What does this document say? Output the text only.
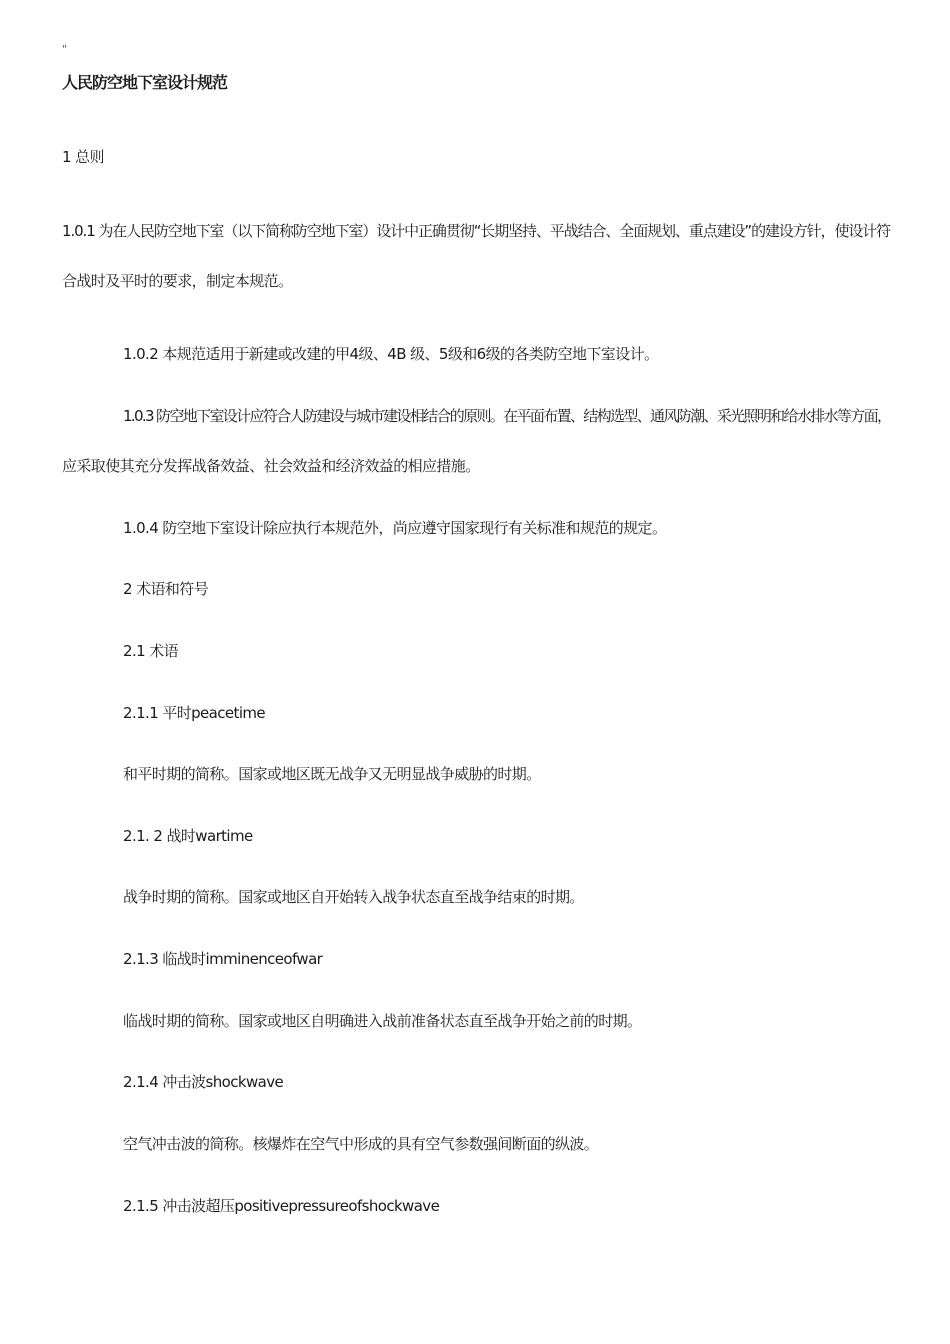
''
人民防空地下室设计规范
1 总则
1.0.1 为在人民防空地下室（以下简称防空地下室）设计中正确贯彻“长期坚持、平战结合、全面规划、重点建设”的建设方针，使设计符
合战时及平时的要求，制定本规范。
1.0.2 本规范适用于新建或改建的甲4级、4B 级、5级和6级的各类防空地下室设计。
1.0.3 防空地下室设计应符合人防建设与城市建设相结合的原则。在平面布置、结构选型、通风防潮、采光照明和给水排水等方面，
应采取使其充分发挥战备效益、社会效益和经济效益的相应措施。
1.0.4 防空地下室设计除应执行本规范外，尚应遵守国家现行有关标准和规范的规定。
2 术语和符号
2.1 术语
2.1.1 平时peacetime
和平时期的简称。国家或地区既无战争又无明显战争威胁的时期。
2.1. 2 战时wartime
战争时期的简称。国家或地区自开始转入战争状态直至战争结束的时期。
2.1.3 临战时imminenceofwar
临战时期的简称。国家或地区自明确进入战前准备状态直至战争开始之前的时期。
2.1.4 冲击波shockwave
空气冲击波的简称。核爆炸在空气中形成的具有空气参数强间断面的纵波。
2.1.5 冲击波超压positivepressureofshockwave
